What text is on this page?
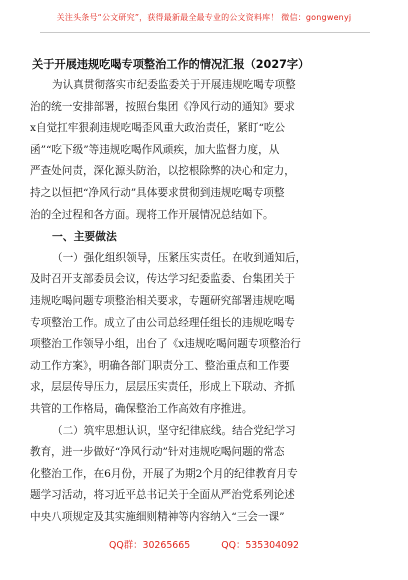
关注头条号“公文研究”，获得最新最全最专业的公文资料库！ 微信：gongwenyj
关于开展违规吃喝专项整治工作的情况汇报（2027字）
为认真贯彻落实市纪委监委关于开展违规吃喝专项整
治的统一安排部署，按照台集团《净风行动的通知》要求
x自觉扛牢狠刹违规吃喝歪风重大政治责任，紧盯“吃公
函”“吃下级”等违规吃喝作风顽疾，加大监督力度，从
严查处问责，深化源头防治，以挖根除弊的决心和定力，
持之以恒把“净风行动”具体要求贯彻到违规吃喝专项整
治的全过程和各方面。现将工作开展情况总结如下。
一、主要做法
（一）强化组织领导，压紧压实责任。在收到通知后，
及时召开支部委员会议，传达学习纪委监委、台集团关于
违规吃喝问题专项整治相关要求，专题研究部署违规吃喝
专项整治工作。成立了由公司总经理任组长的违规吃喝专
项整治工作领导小组，出台了《x违规吃喝问题专项整治行
动工作方案》，明确各部门职责分工、整治重点和工作要
求，层层传导压力，层层压实责任，形成上下联动、齐抓
共管的工作格局，确保整治工作高效有序推进。
（二）筑牢思想认识，坚守纪律底线。结合党纪学习
教育，进一步做好“净风行动”针对违规吃喝问题的常态
化整治工作，在6月份，开展了为期2个月的纪律教育月专
题学习活动，将习近平总书记关于全面从严治党系列论述
中央八项规定及其实施细则精神等内容纳入“三会一课”
QQ群：30265665	QQ：535304092
